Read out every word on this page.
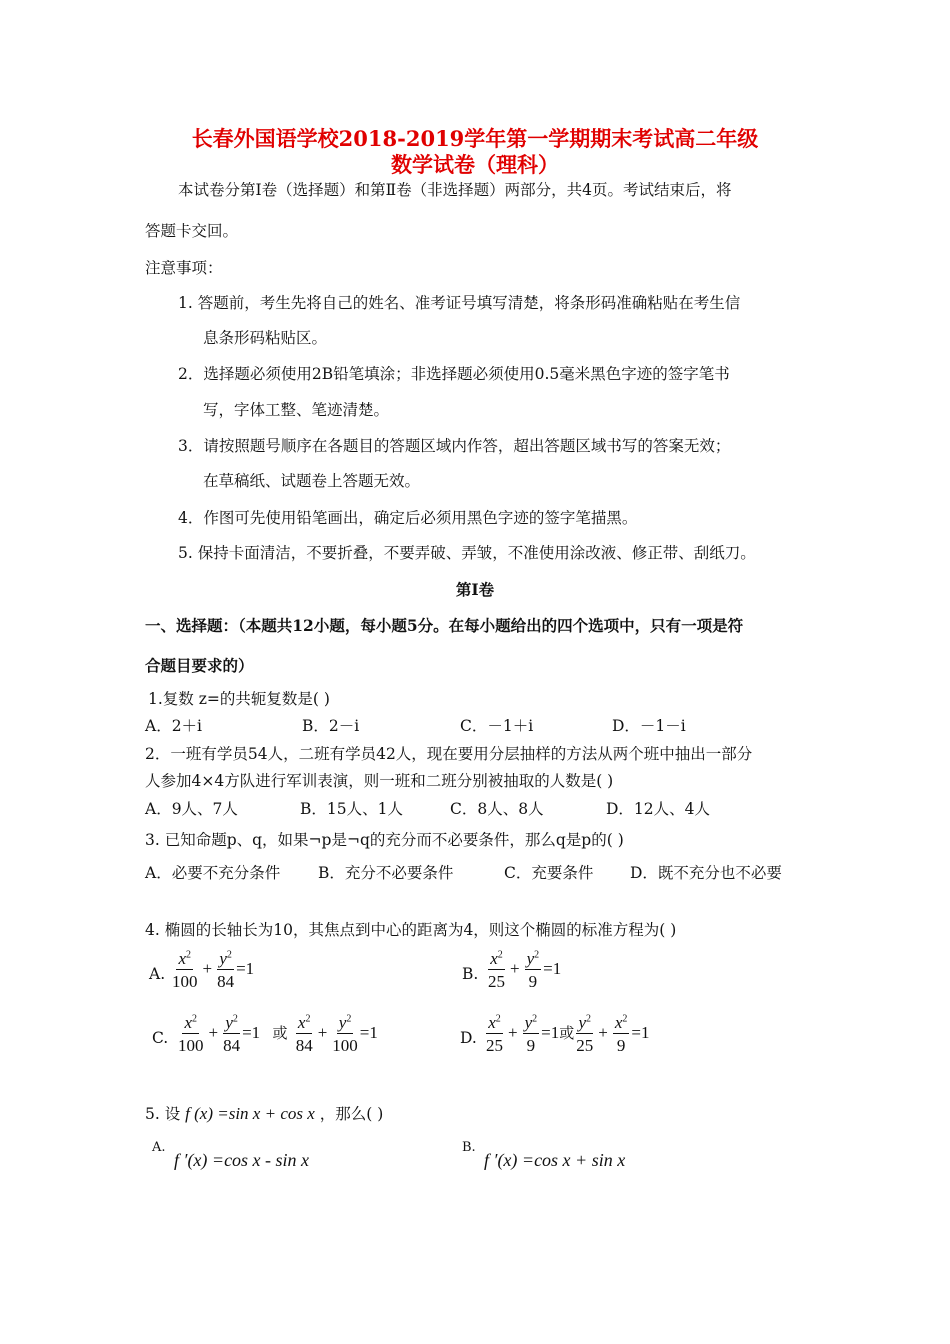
长春外国语学校2018-2019学年第一学期期末考试高二年级
数学试卷（理科）
本试卷分第Ⅰ卷（选择题）和第Ⅱ卷（非选择题）两部分，共4页。考试结束后，将
答题卡交回。
注意事项：
1. 答题前，考生先将自己的姓名、准考证号填写清楚，将条形码准确粘贴在考生信
息条形码粘贴区。
2．选择题必须使用2B铅笔填涂；非选择题必须使用0.5毫米黑色字迹的签字笔书
写，字体工整、笔迹清楚。
3．请按照题号顺序在各题目的答题区域内作答，超出答题区域书写的答案无效；
在草稿纸、试题卷上答题无效。
4．作图可先使用铅笔画出，确定后必须用黑色字迹的签字笔描黑。
5. 保持卡面清洁，不要折叠，不要弄破、弄皱，不准使用涂改液、修正带、刮纸刀。
第Ⅰ卷
一、选择题：（本题共12小题，每小题5分。在每小题给出的四个选项中，只有一项是符
合题目要求的）
1.复数 z=的共轭复数是( )
A．2＋i	B．2－i	C．－1＋i	D．－1－i
2．一班有学员54人，二班有学员42人，现在要用分层抽样的方法从两个班中抽出一部分
人参加4×4方队进行军训表演，则一班和二班分别被抽取的人数是( )
A．9人、7人	B．15人、1人	C．8人、8人	D．12人、4人
3. 已知命题p、q，如果¬p是¬q的充分而不必要条件，那么q是p的( )
A．必要不充分条件 B．充分不必要条件	C．充要条件 D．既不充分也不必要
4. 椭圆的长轴长为10，其焦点到中心的距离为4，则这个椭圆的标准方程为( )
A. $\frac{x^2}{100} + \frac{y^2}{84} =1$	B. $\frac{x^2}{25} + \frac{y^2}{9} =1$
C. $\frac{x^2}{100} + \frac{y^2}{84} =1$ 或 $\frac{x^2}{84} + \frac{y^2}{100} =1$	D. $\frac{x^2}{25} + \frac{y^2}{9} =1$或 $\frac{y^2}{25} + \frac{x^2}{9} =1$
5. 设 f (x) =sin x + cos x ，那么( )
A.
f ′(x) =cos x - sin x
B.
f ′(x) =cos x + sin x
